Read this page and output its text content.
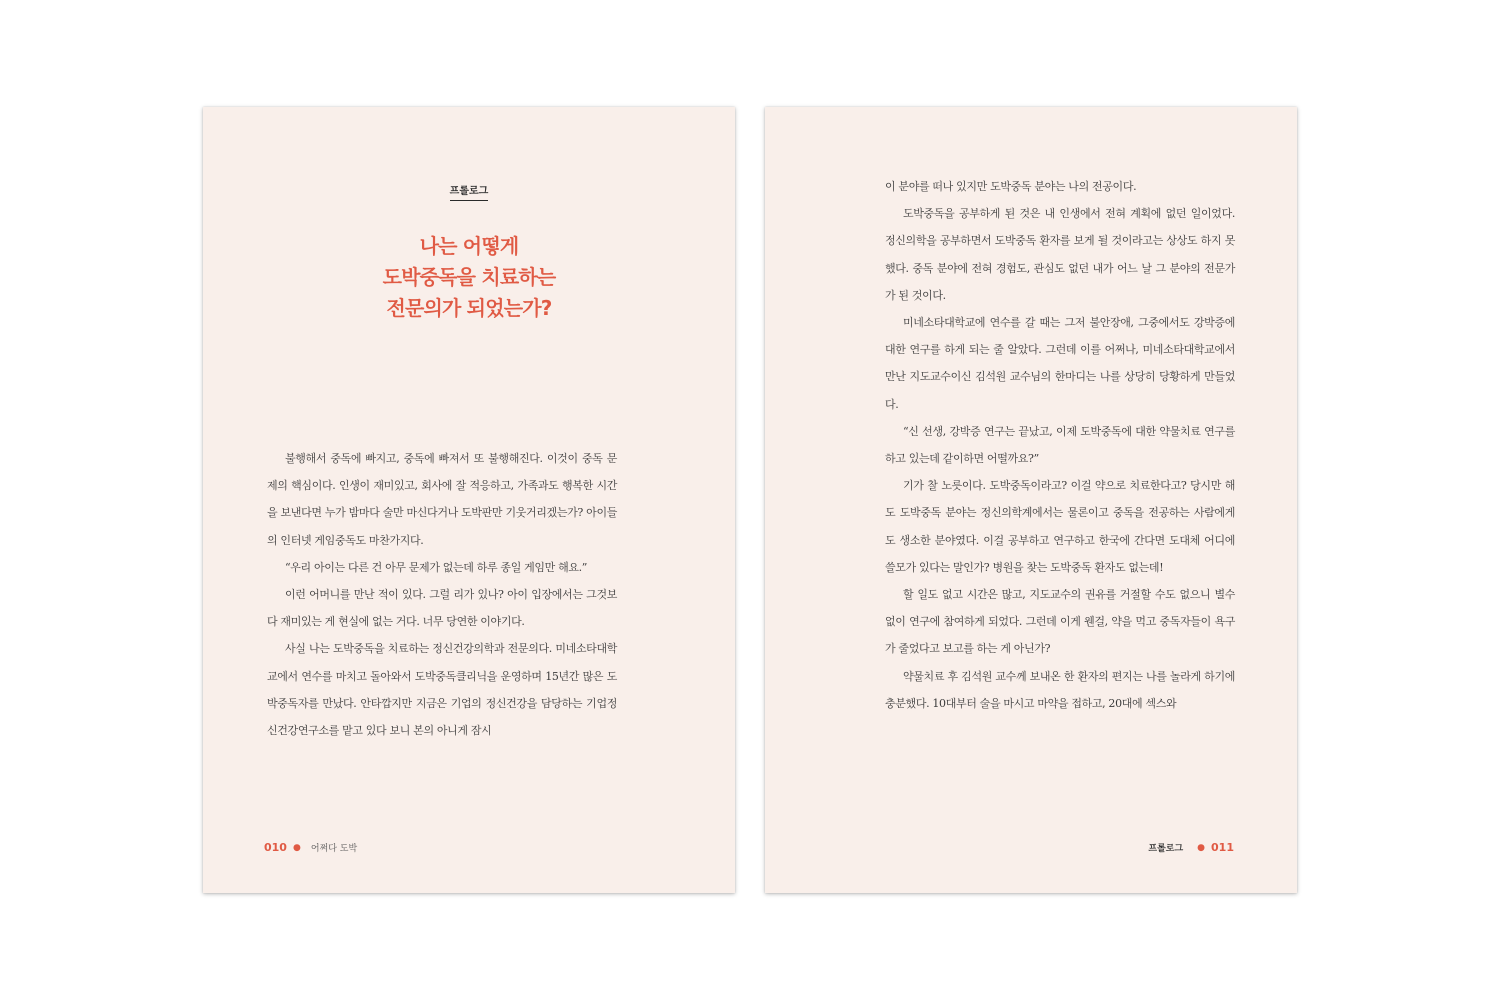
프롤로그
나는 어떻게
도박중독을 치료하는
전문의가 되었는가?

불행해서 중독에 빠지고, 중독에 빠져서 또 불행해진다. 이것이 중독 문제의 핵심이다. 인생이 재미있고, 회사에 잘 적응하고, 가족과도 행복한 시간을 보낸다면 누가 밤마다 술만 마신다거나 도박판만 기웃거리겠는가? 아이들의 인터넷 게임중독도 마찬가지다.

“우리 아이는 다른 건 아무 문제가 없는데 하루 종일 게임만 해요.”

이런 어머니를 만난 적이 있다. 그럴 리가 있나? 아이 입장에서는 그것보다 재미있는 게 현실에 없는 거다. 너무 당연한 이야기다.

사실 나는 도박중독을 치료하는 정신건강의학과 전문의다. 미네소타대학교에서 연수를 마치고 돌아와서 도박중독클리닉을 운영하며 15년간 많은 도박중독자를 만났다. 안타깝지만 지금은 기업의 정신건강을 담당하는 기업정신건강연구소를 맡고 있다 보니 본의 아니게 잠시

010 ● 어쩌다 도박

이 분야를 떠나 있지만 도박중독 분야는 나의 전공이다.

도박중독을 공부하게 된 것은 내 인생에서 전혀 계획에 없던 일이었다. 정신의학을 공부하면서 도박중독 환자를 보게 될 것이라고는 상상도 하지 못했다. 중독 분야에 전혀 경험도, 관심도 없던 내가 어느 날 그 분야의 전문가가 된 것이다.

미네소타대학교에 연수를 갈 때는 그저 불안장애, 그중에서도 강박증에 대한 연구를 하게 되는 줄 알았다. 그런데 이를 어쩌나, 미네소타대학교에서 만난 지도교수이신 김석원 교수님의 한마디는 나를 상당히 당황하게 만들었다.

“신 선생, 강박증 연구는 끝났고, 이제 도박중독에 대한 약물치료 연구를 하고 있는데 같이하면 어떨까요?”

기가 찰 노릇이다. 도박중독이라고? 이걸 약으로 치료한다고? 당시만 해도 도박중독 분야는 정신의학계에서는 물론이고 중독을 전공하는 사람에게도 생소한 분야였다. 이걸 공부하고 연구하고 한국에 간다면 도대체 어디에 쓸모가 있다는 말인가? 병원을 찾는 도박중독 환자도 없는데!

할 일도 없고 시간은 많고, 지도교수의 권유를 거절할 수도 없으니 별수 없이 연구에 참여하게 되었다. 그런데 이게 웬걸, 약을 먹고 중독자들이 욕구가 줄었다고 보고를 하는 게 아닌가?

약물치료 후 김석원 교수께 보내온 한 환자의 편지는 나를 놀라게 하기에 충분했다. 10대부터 술을 마시고 마약을 접하고, 20대에 섹스와

프롤로그 ● 011
